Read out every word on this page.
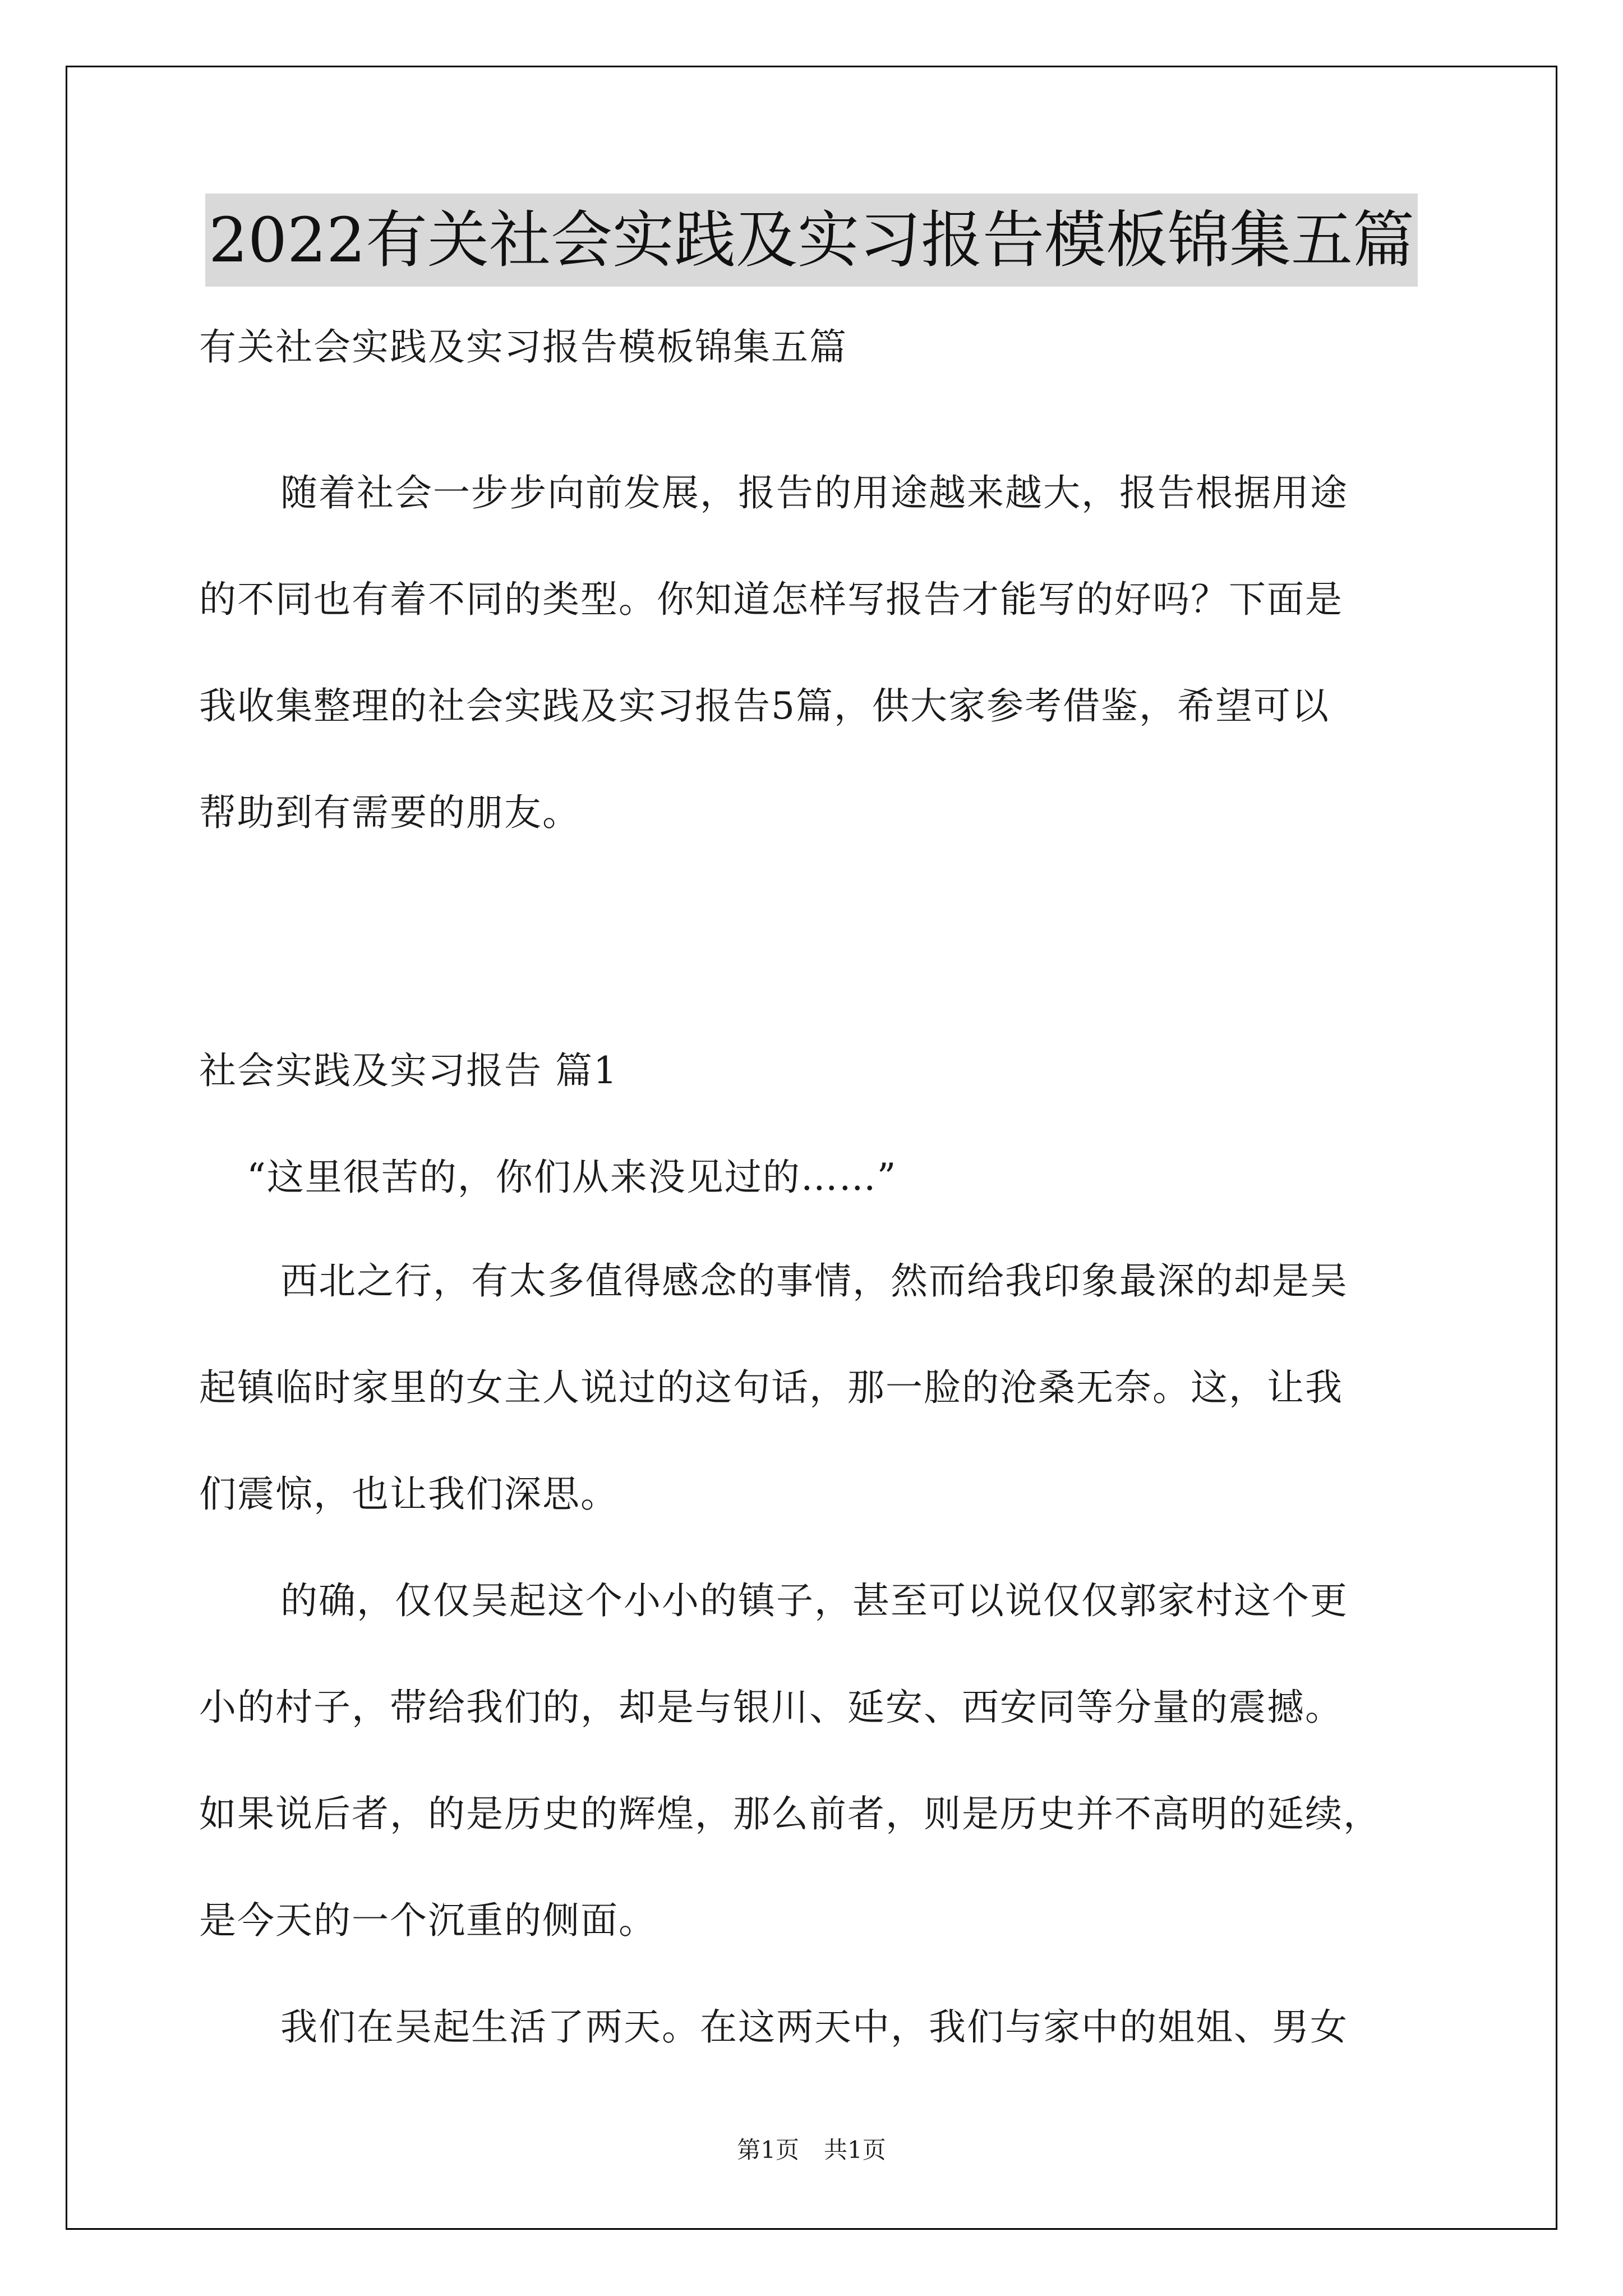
2022有关社会实践及实习报告模板锦集五篇
有关社会实践及实习报告模板锦集五篇
随着社会一步步向前发展，报告的用途越来越大，报告根据用途
的不同也有着不同的类型。你知道怎样写报告才能写的好吗？下面是
我收集整理的社会实践及实习报告5篇，供大家参考借鉴，希望可以
帮助到有需要的朋友。
社会实践及实习报告 篇1
“这里很苦的，你们从来没见过的……”
西北之行，有太多值得感念的事情，然而给我印象最深的却是吴
起镇临时家里的女主人说过的这句话，那一脸的沧桑无奈。这，让我
们震惊，也让我们深思。
的确，仅仅吴起这个小小的镇子，甚至可以说仅仅郭家村这个更
小的村子，带给我们的，却是与银川、延安、西安同等分量的震撼。
如果说后者，的是历史的辉煌，那么前者，则是历史并不高明的延续，
是今天的一个沉重的侧面。
我们在吴起生活了两天。在这两天中，我们与家中的姐姐、男女
第1页 共1页
